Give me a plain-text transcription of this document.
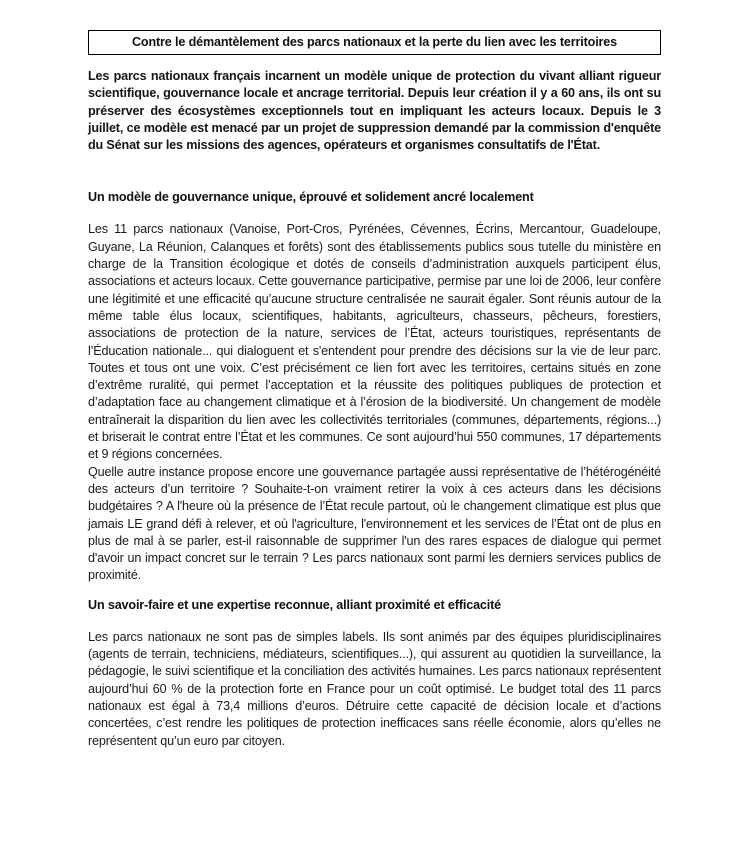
Contre le démantèlement des parcs nationaux et la perte du lien avec les territoires

Les parcs nationaux français incarnent un modèle unique de protection du vivant alliant rigueur scientifique, gouvernance locale et ancrage territorial. Depuis leur création il y a 60 ans, ils ont su préserver des écosystèmes exceptionnels tout en impliquant les acteurs locaux. Depuis le 3 juillet, ce modèle est menacé par un projet de suppression demandé par la commission d'enquête du Sénat sur les missions des agences, opérateurs et organismes consultatifs de l'État.

Un modèle de gouvernance unique, éprouvé et solidement ancré localement

Les 11 parcs nationaux (Vanoise, Port-Cros, Pyrénées, Cévennes, Écrins, Mercantour, Guadeloupe, Guyane, La Réunion, Calanques et forêts) sont des établissements publics sous tutelle du ministère en charge de la Transition écologique et dotés de conseils d’administration auxquels participent élus, associations et acteurs locaux. Cette gouvernance participative, permise par une loi de 2006, leur confère une légitimité et une efficacité qu’aucune structure centralisée ne saurait égaler. Sont réunis autour de la même table élus locaux, scientifiques, habitants, agriculteurs, chasseurs, pêcheurs, forestiers, associations de protection de la nature, services de l’État, acteurs touristiques, représentants de l’Éducation nationale... qui dialoguent et s'entendent pour prendre des décisions sur la vie de leur parc. Toutes et tous ont une voix. C’est précisément ce lien fort avec les territoires, certains situés en zone d’extrême ruralité, qui permet l’acceptation et la réussite des politiques publiques de protection et d’adaptation face au changement climatique et à l’érosion de la biodiversité. Un changement de modèle entraînerait la disparition du lien avec les collectivités territoriales (communes, départements, régions...) et briserait le contrat entre l’État et les communes. Ce sont aujourd’hui 550 communes, 17 départements et 9 régions concernées.

Quelle autre instance propose encore une gouvernance partagée aussi représentative de l’hétérogénéité des acteurs d’un territoire ? Souhaite-t-on vraiment retirer la voix à ces acteurs dans les décisions budgétaires ? A l'heure où la présence de l’État recule partout, où le changement climatique est plus que jamais LE grand défi à relever, et où l'agriculture, l'environnement et les services de l’État ont de plus en plus de mal à se parler, est-il raisonnable de supprimer l'un des rares espaces de dialogue qui permet d'avoir un impact concret sur le terrain ? Les parcs nationaux sont parmi les derniers services publics de proximité.

Un savoir-faire et une expertise reconnue, alliant proximité et efficacité

Les parcs nationaux ne sont pas de simples labels. Ils sont animés par des équipes pluridisciplinaires (agents de terrain, techniciens, médiateurs, scientifiques...), qui assurent au quotidien la surveillance, la pédagogie, le suivi scientifique et la conciliation des activités humaines. Les parcs nationaux représentent aujourd’hui 60 % de la protection forte en France pour un coût optimisé. Le budget total des 11 parcs nationaux est égal à 73,4 millions d’euros. Détruire cette capacité de décision locale et d’actions concertées, c’est rendre les politiques de protection inefficaces sans réelle économie, alors qu’elles ne représentent qu’un euro par citoyen.
